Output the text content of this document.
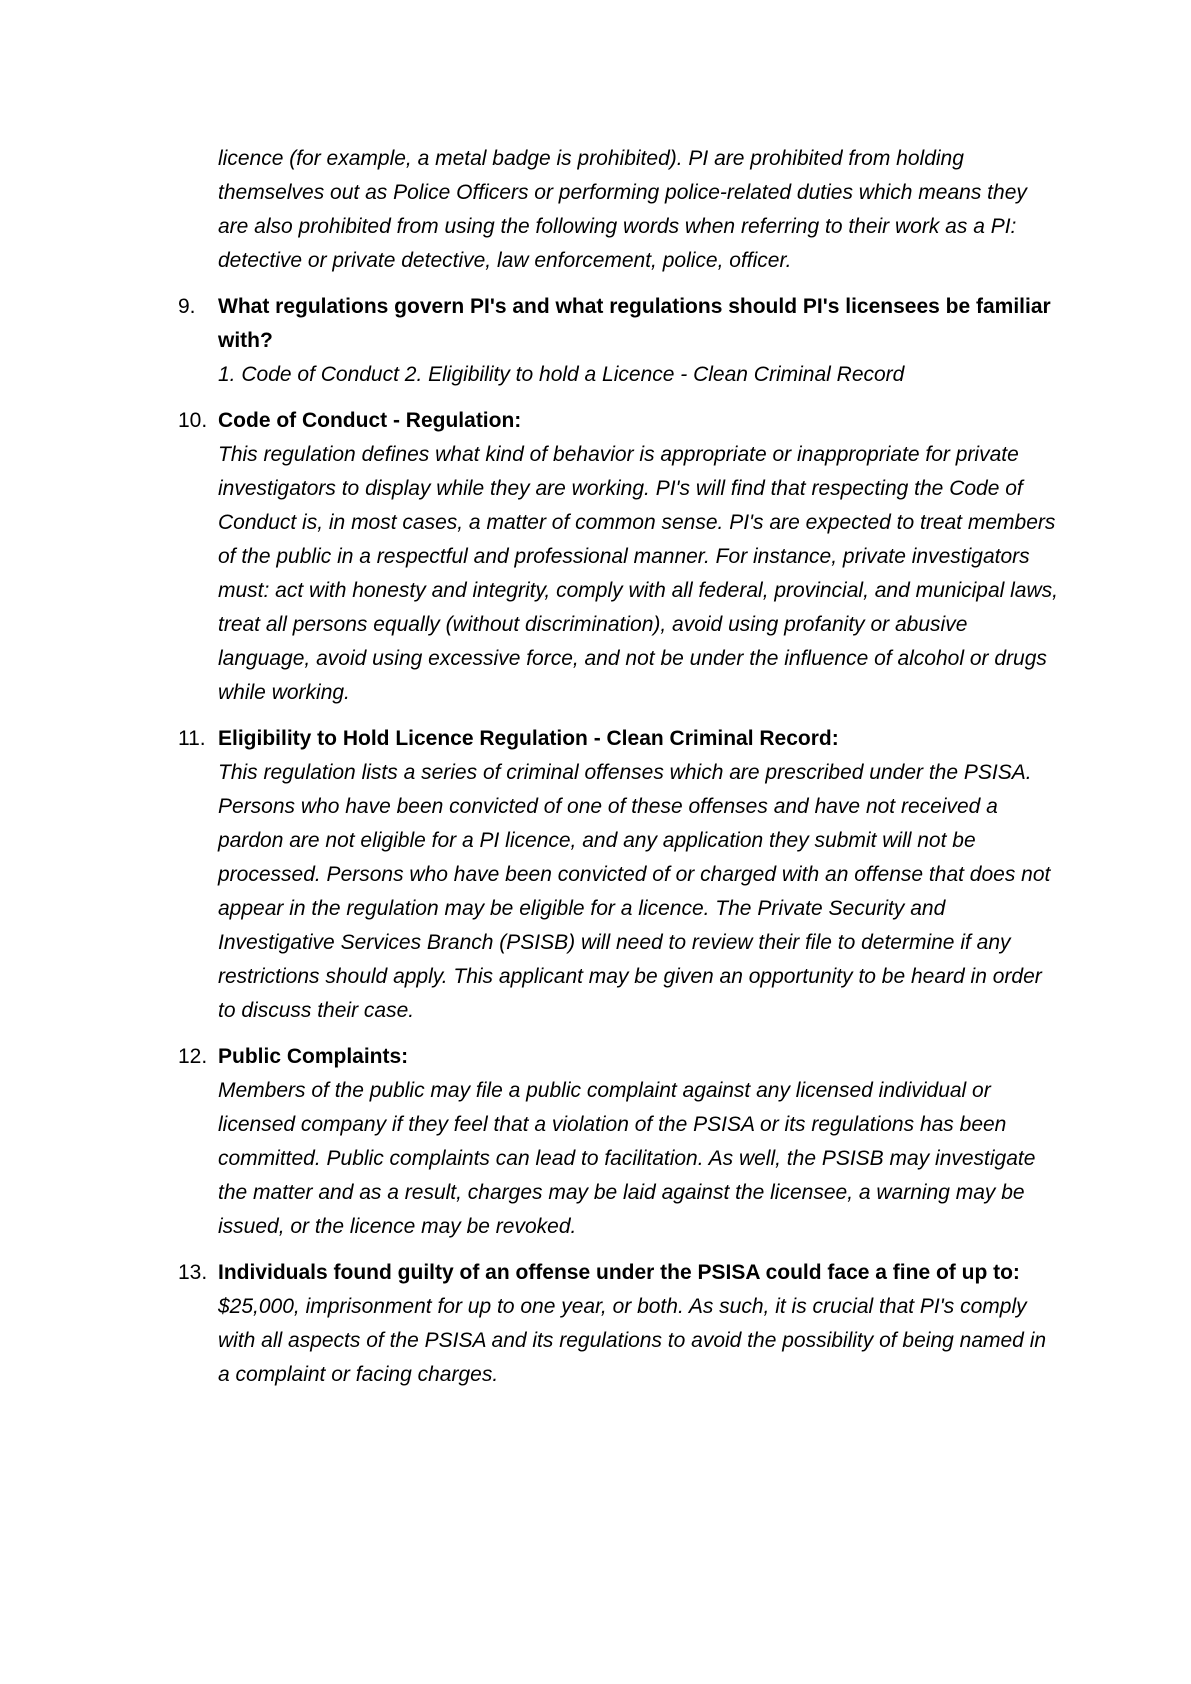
licence (for example, a metal badge is prohibited). PI are prohibited from holding themselves out as Police Officers or performing police-related duties which means they are also prohibited from using the following words when referring to their work as a PI: detective or private detective, law enforcement, police, officer.
9. What regulations govern PI's and what regulations should PI's licensees be familiar with?
1. Code of Conduct 2. Eligibility to hold a Licence - Clean Criminal Record
10. Code of Conduct - Regulation:
This regulation defines what kind of behavior is appropriate or inappropriate for private investigators to display while they are working. PI's will find that respecting the Code of Conduct is, in most cases, a matter of common sense. PI's are expected to treat members of the public in a respectful and professional manner. For instance, private investigators must: act with honesty and integrity, comply with all federal, provincial, and municipal laws, treat all persons equally (without discrimination), avoid using profanity or abusive language, avoid using excessive force, and not be under the influence of alcohol or drugs while working.
11. Eligibility to Hold Licence Regulation - Clean Criminal Record:
This regulation lists a series of criminal offenses which are prescribed under the PSISA. Persons who have been convicted of one of these offenses and have not received a pardon are not eligible for a PI licence, and any application they submit will not be processed. Persons who have been convicted of or charged with an offense that does not appear in the regulation may be eligible for a licence. The Private Security and Investigative Services Branch (PSISB) will need to review their file to determine if any restrictions should apply. This applicant may be given an opportunity to be heard in order to discuss their case.
12. Public Complaints:
Members of the public may file a public complaint against any licensed individual or licensed company if they feel that a violation of the PSISA or its regulations has been committed. Public complaints can lead to facilitation. As well, the PSISB may investigate the matter and as a result, charges may be laid against the licensee, a warning may be issued, or the licence may be revoked.
13. Individuals found guilty of an offense under the PSISA could face a fine of up to:
$25,000, imprisonment for up to one year, or both. As such, it is crucial that PI's comply with all aspects of the PSISA and its regulations to avoid the possibility of being named in a complaint or facing charges.
